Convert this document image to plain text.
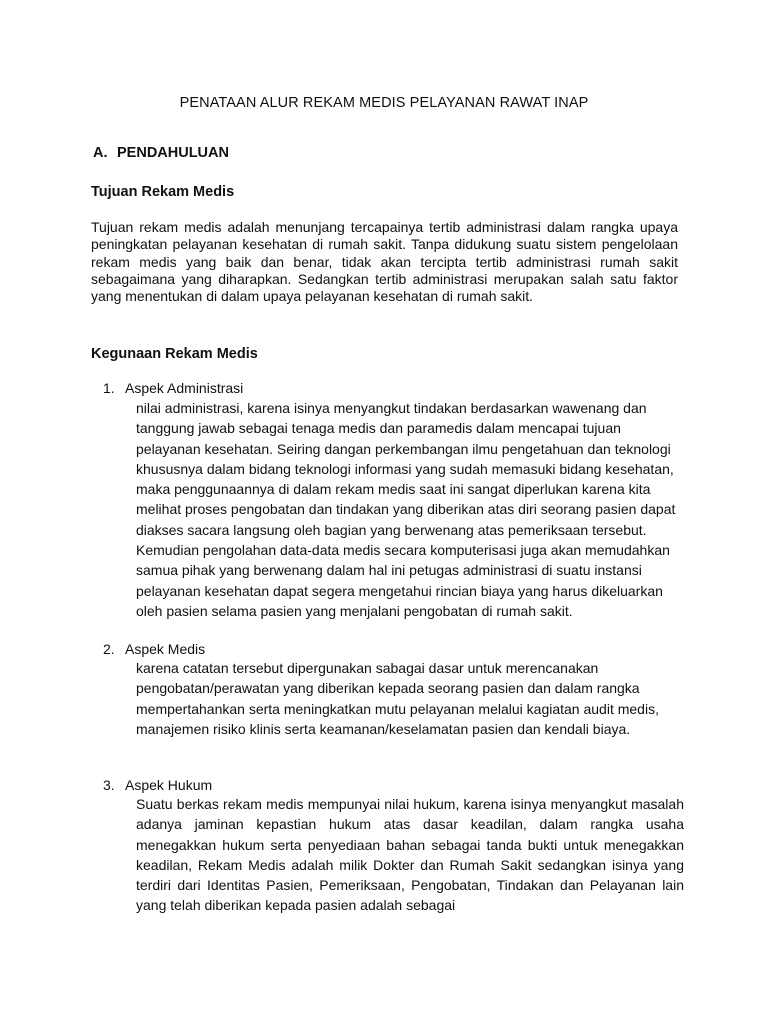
PENATAAN ALUR REKAM MEDIS PELAYANAN RAWAT INAP
A. PENDAHULUAN
Tujuan Rekam Medis

Tujuan rekam medis adalah menunjang tercapainya tertib administrasi dalam rangka upaya peningkatan pelayanan kesehatan di rumah sakit. Tanpa didukung suatu sistem pengelolaan rekam medis yang baik dan benar, tidak akan tercipta tertib administrasi rumah sakit sebagaimana yang diharapkan. Sedangkan tertib administrasi merupakan salah satu faktor yang menentukan di dalam upaya pelayanan kesehatan di rumah sakit.

Kegunaan Rekam Medis
1. Aspek Administrasi

nilai administrasi, karena isinya menyangkut tindakan berdasarkan wawenang dan tanggung jawab sebagai tenaga medis dan paramedis dalam mencapai tujuan pelayanan kesehatan. Seiring dangan perkembangan ilmu pengetahuan dan teknologi khususnya dalam bidang teknologi informasi yang sudah memasuki bidang kesehatan, maka penggunaannya di dalam rekam medis saat ini sangat diperlukan karena kita melihat proses pengobatan dan tindakan yang diberikan atas diri seorang pasien dapat diakses sacara langsung oleh bagian yang berwenang atas pemeriksaan tersebut. Kemudian pengolahan data-data medis secara komputerisasi juga akan memudahkan samua pihak yang berwenang dalam hal ini petugas administrasi di suatu instansi pelayanan kesehatan dapat segera mengetahui rincian biaya yang harus dikeluarkan oleh pasien selama pasien yang menjalani pengobatan di rumah sakit.

2. Aspek Medis

karena catatan tersebut dipergunakan sabagai dasar untuk merencanakan pengobatan/perawatan yang diberikan kepada seorang pasien dan dalam rangka mempertahankan serta meningkatkan mutu pelayanan melalui kagiatan audit medis, manajemen risiko klinis serta keamanan/keselamatan pasien dan kendali biaya.

3. Aspek Hukum

Suatu berkas rekam medis mempunyai nilai hukum, karena isinya menyangkut masalah adanya jaminan kepastian hukum atas dasar keadilan, dalam rangka usaha menegakkan hukum serta penyediaan bahan sebagai tanda bukti untuk menegakkan keadilan, Rekam Medis adalah milik Dokter dan Rumah Sakit sedangkan isinya yang terdiri dari Identitas Pasien, Pemeriksaan, Pengobatan, Tindakan dan Pelayanan lain yang telah diberikan kepada pasien adalah sebagai
